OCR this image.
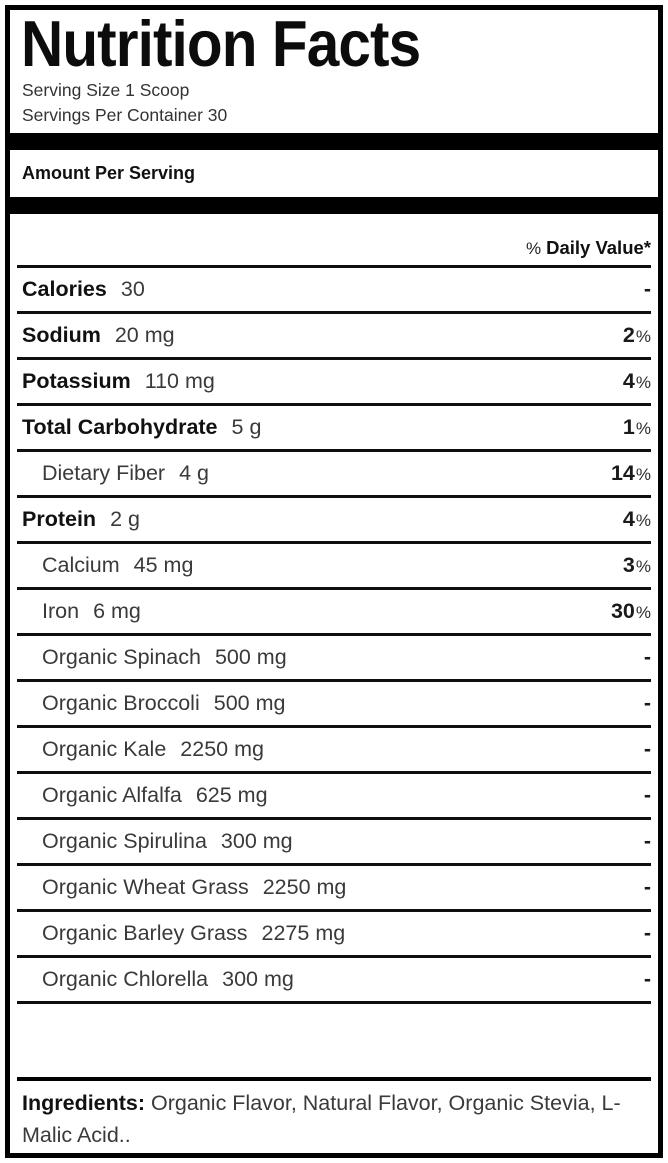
Nutrition Facts
Serving Size 1 Scoop
Servings Per Container 30
Amount Per Serving
% Daily Value*
Calories 30	-
Sodium 20 mg	2 %
Potassium 110 mg	4 %
Total Carbohydrate 5 g	1 %
Dietary Fiber 4 g	14 %
Protein 2 g	4 %
Calcium 45 mg	3 %
Iron 6 mg	30 %
Organic Spinach 500 mg	-
Organic Broccoli 500 mg	-
Organic Kale 2250 mg	-
Organic Alfalfa 625 mg	-
Organic Spirulina 300 mg	-
Organic Wheat Grass 2250 mg	-
Organic Barley Grass 2275 mg	-
Organic Chlorella 300 mg	-
Ingredients: Organic Flavor, Natural Flavor, Organic Stevia, L-Malic Acid..
